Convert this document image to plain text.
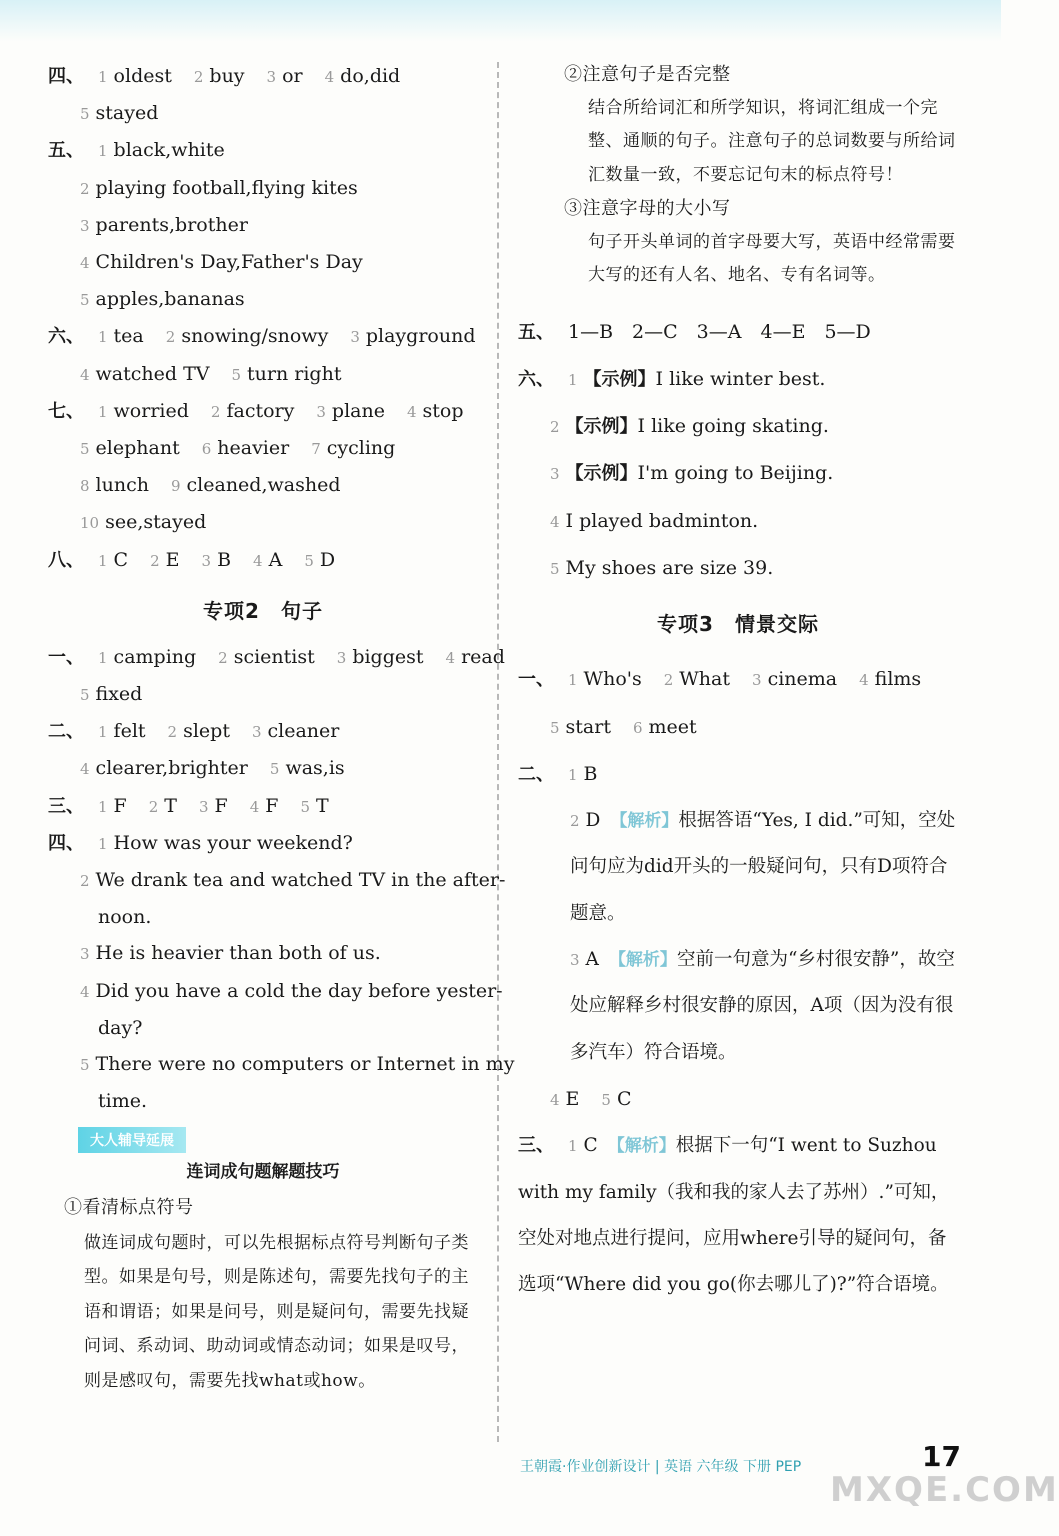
四、 1 oldest 2 buy 3 or 4 do,did
5 stayed
五、 1 black,white
2 playing football,flying kites
3 parents,brother
4 Children's Day,Father's Day
5 apples,bananas
六、 1 tea 2 snowing/snowy 3 playground
4 watched TV 5 turn right
七、 1 worried 2 factory 3 plane 4 stop
5 elephant 6 heavier 7 cycling
8 lunch 9 cleaned,washed
10 see,stayed
八、 1 C 2 E 3 B 4 A 5 D
专项2　句子
一、 1 camping 2 scientist 3 biggest 4 read
5 fixed
二、 1 felt 2 slept 3 cleaner
4 clearer,brighter 5 was,is
三、 1 F 2 T 3 F 4 F 5 T
四、 1 How was your weekend?
2 We drank tea and watched TV in the after-
noon.
3 He is heavier than both of us.
4 Did you have a cold the day before yester-
day?
5 There were no computers or Internet in my
time.
大人辅导延展
连词成句题解题技巧
①看清标点符号
做连词成句题时，可以先根据标点符号判断句子类型。如果是句号，则是陈述句，需要先找句子的主语和谓语；如果是问号，则是疑问句，需要先找疑问词、系动词、助动词或情态动词；如果是叹号，则是感叹句，需要先找what或how。
②注意句子是否完整
结合所给词汇和所学知识，将词汇组成一个完整、通顺的句子。注意句子的总词数要与所给词汇数量一致，不要忘记句末的标点符号！
③注意字母的大小写
句子开头单词的首字母要大写，英语中经常需要大写的还有人名、地名、专有名词等。
五、 1—B　2—C　3—A　4—E　5—D
六、 1 【示例】I like winter best.
2 【示例】I like going skating.
3 【示例】I'm going to Beijing.
4 I played badminton.
5 My shoes are size 39.
专项3　情景交际
一、 1 Who's 2 What 3 cinema 4 films
5 start 6 meet
二、 1 B
2 D　 【解析】根据答语“Yes, I did.”可知，空处问句应为did开头的一般疑问句，只有D项符合题意。
3 A　 【解析】空前一句意为“乡村很安静”，故空处应解释乡村很安静的原因，A项（因为没有很多汽车）符合语境。
4 E 5 C
三、 1 C　 【解析】根据下一句“I went to Suzhou with my family（我和我的家人去了苏州）.”可知，空处对地点进行提问，应用where引导的疑问句，备选项“Where did you go(你去哪儿了)?”符合语境。
王朝霞·作业创新设计 | 英语 六年级 下册 PEP	17
MXQE.COM
